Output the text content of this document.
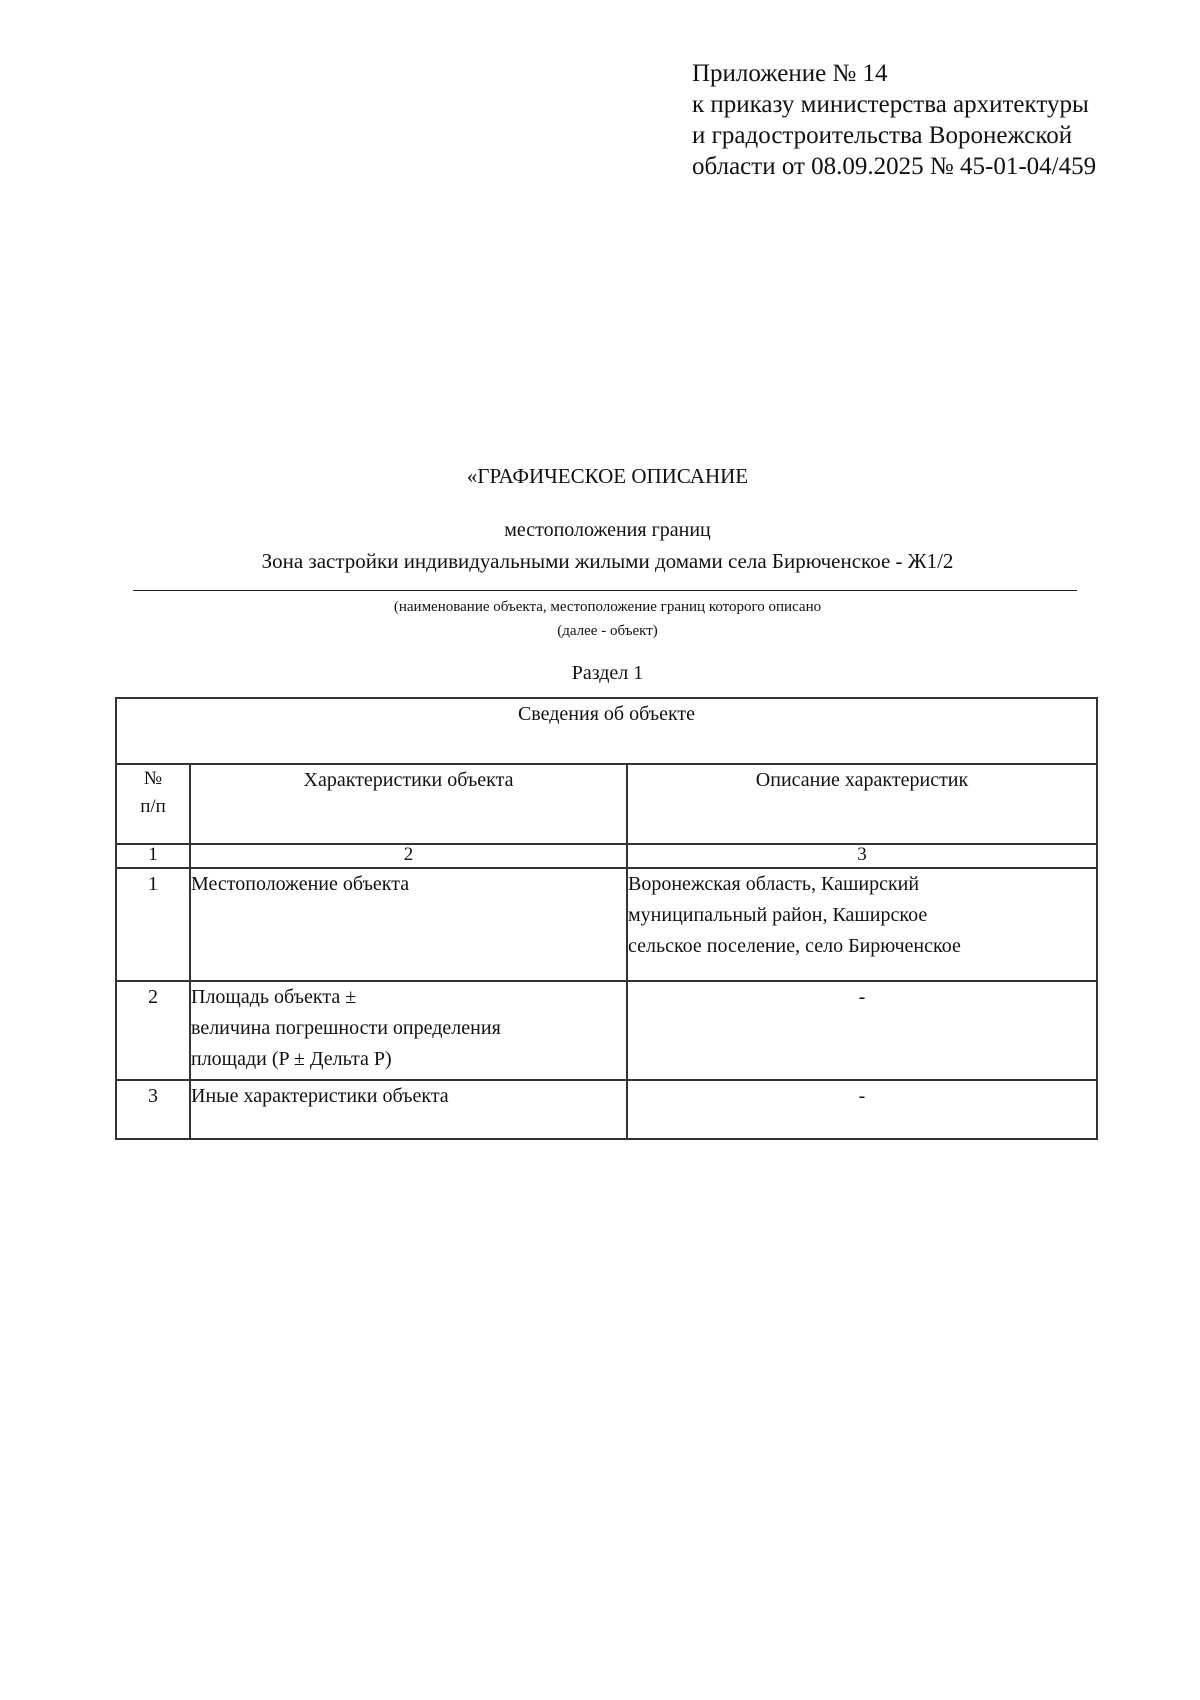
Приложение № 14
к приказу министерства архитектуры
и градостроительства Воронежской
области от 08.09.2025 № 45-01-04/459
«ГРАФИЧЕСКОЕ ОПИСАНИЕ
местоположения границ
Зона застройки индивидуальными жилыми домами села Бирюченское - Ж1/2
(наименование объекта, местоположение границ которого описано
(далее - объект)
Раздел 1
Сведения об объекте		

№
п/п	Характеристики объекта	Описание характеристик
1	2	3
1	Местоположение объекта	Воронежская область, Каширский
муниципальный район, Каширское
сельское поселение, село Бирюченское

2	Площадь объекта ±
величина погрешности определения
площади (P ± Дельта P)	-
3	Иные характеристики объекта	-
